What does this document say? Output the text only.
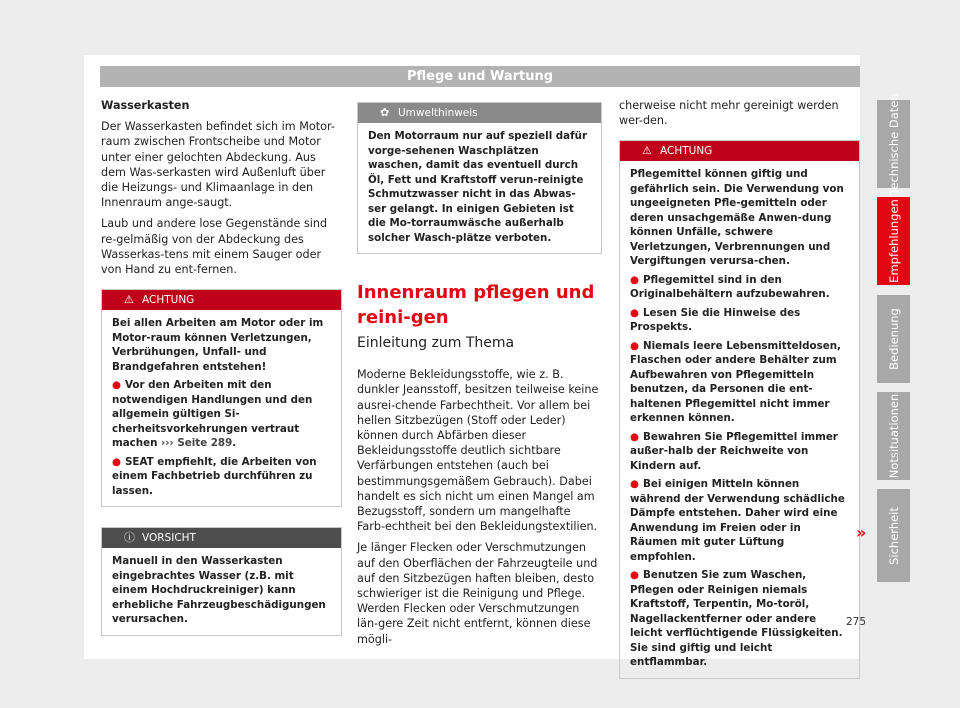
Pflege und Wartung

Wasserkasten

Der Wasserkasten befindet sich im Motor-raum zwischen Frontscheibe und Motor unter einer gelochten Abdeckung. Aus dem Was-serkasten wird Außenluft über die Heizungs- und Klimaanlage in den Innenraum ange-saugt.

Laub und andere lose Gegenstände sind re-gelmäßig von der Abdeckung des Wasserkas-tens mit einem Sauger oder von Hand zu ent-fernen.

⚠ ACHTUNG

Bei allen Arbeiten am Motor oder im Motor-raum können Verletzungen, Verbrühungen, Unfall- und Brandgefahren entstehen!

● Vor den Arbeiten mit den notwendigen Handlungen und den allgemein gültigen Si-cherheitsvorkehrungen vertraut machen ››› Seite 289.

● SEAT empfiehlt, die Arbeiten von einem Fachbetrieb durchführen zu lassen.

ⓘ VORSICHT

Manuell in den Wasserkasten eingebrachtes Wasser (z.B. mit einem Hochdruckreiniger) kann erhebliche Fahrzeugbeschädigungen verursachen.

✿ Umwelthinweis

Den Motorraum nur auf speziell dafür vorge-sehenen Waschplätzen waschen, damit das eventuell durch Öl, Fett und Kraftstoff verun-reinigte Schmutzwasser nicht in das Abwas-ser gelangt. In einigen Gebieten ist die Mo-torraumwäsche außerhalb solcher Wasch-plätze verboten.

Innenraum pflegen und reini-gen

Einleitung zum Thema

Moderne Bekleidungsstoffe, wie z. B. dunkler Jeansstoff, besitzen teilweise keine ausrei-chende Farbechtheit. Vor allem bei hellen Sitzbezügen (Stoff oder Leder) können durch Abfärben dieser Bekleidungsstoffe deutlich sichtbare Verfärbungen entstehen (auch bei bestimmungsgemäßem Gebrauch). Dabei handelt es sich nicht um einen Mangel am Bezugsstoff, sondern um mangelhafte Farb-echtheit bei den Bekleidungstextilien.

Je länger Flecken oder Verschmutzungen auf den Oberflächen der Fahrzeugteile und auf den Sitzbezügen haften bleiben, desto schwieriger ist die Reinigung und Pflege. Werden Flecken oder Verschmutzungen län-gere Zeit nicht entfernt, können diese mögli-

cherweise nicht mehr gereinigt werden wer-den.

⚠ ACHTUNG

Pflegemittel können giftig und gefährlich sein. Die Verwendung von ungeeigneten Pfle-gemitteln oder deren unsachgemäße Anwen-dung können Unfälle, schwere Verletzungen, Verbrennungen und Vergiftungen verursa-chen.

● Pflegemittel sind in den Originalbehältern aufzubewahren.

● Lesen Sie die Hinweise des Prospekts.

● Niemals leere Lebensmitteldosen, Flaschen oder andere Behälter zum Aufbewahren von Pflegemitteln benutzen, da Personen die ent-haltenen Pflegemittel nicht immer erkennen können.

● Bewahren Sie Pflegemittel immer außer-halb der Reichweite von Kindern auf.

● Bei einigen Mitteln können während der Verwendung schädliche Dämpfe entstehen. Daher wird eine Anwendung im Freien oder in Räumen mit guter Lüftung empfohlen.

● Benutzen Sie zum Waschen, Pflegen oder Reinigen niemals Kraftstoff, Terpentin, Mo-toröl, Nagellackentferner oder andere leicht verflüchtigende Flüssigkeiten. Sie sind giftig und leicht entflammbar.

»
Technische Daten
Empfehlungen
Bedienung
Notsituationen
Sicherheit
275
